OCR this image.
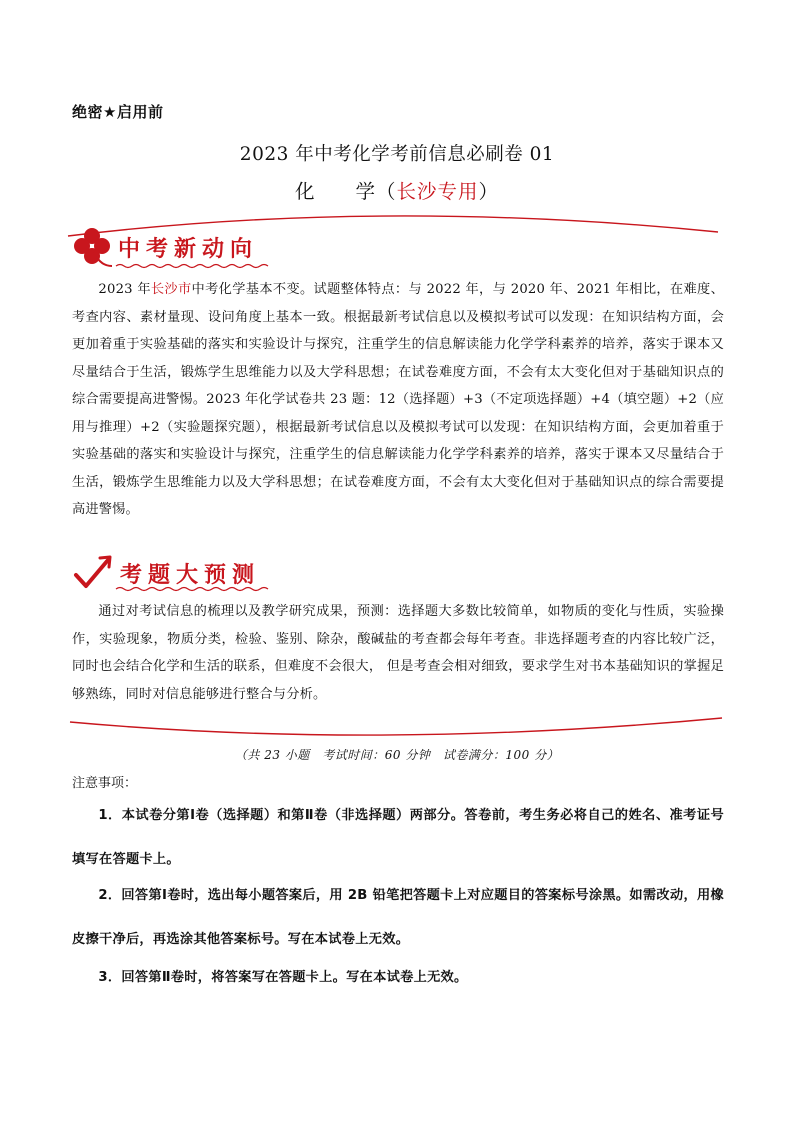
绝密★启用前
2023 年中考化学考前信息必刷卷 01
化 学（长沙专用）
中考新动向
2023 年长沙市中考化学基本不变。试题整体特点：与 2022 年，与 2020 年、2021 年相比，在难度、考查内容、素材量现、设问角度上基本一致。根据最新考试信息以及模拟考试可以发现：在知识结构方面，会更加着重于实验基础的落实和实验设计与探究，注重学生的信息解读能力化学学科素养的培养，落实于课本又尽量结合于生活，锻炼学生思维能力以及大学科思想；在试卷难度方面，不会有太大变化但对于基础知识点的综合需要提高进警惕。2023 年化学试卷共 23 题：12（选择题）+3（不定项选择题）+4（填空题）+2（应用与推理）+2（实验题探究题），根据最新考试信息以及模拟考试可以发现：在知识结构方面，会更加着重于实验基础的落实和实验设计与探究，注重学生的信息解读能力化学学科素养的培养，落实于课本又尽量结合于生活，锻炼学生思维能力以及大学科思想；在试卷难度方面，不会有太大变化但对于基础知识点的综合需要提高进警惕。
考题大预测
通过对考试信息的梳理以及教学研究成果，预测：选择题大多数比较简单，如物质的变化与性质，实验操作，实验现象，物质分类，检验、鉴别、除杂，酸碱盐的考查都会每年考查。非选择题考查的内容比较广泛，同时也会结合化学和生活的联系，但难度不会很大， 但是考查会相对细致，要求学生对书本基础知识的掌握足够熟练，同时对信息能够进行整合与分析。
（共 23 小题　考试时间：60 分钟　试卷满分：100 分）
注意事项：
1．本试卷分第Ⅰ卷（选择题）和第Ⅱ卷（非选择题）两部分。答卷前，考生务必将自己的姓名、准考证号填写在答题卡上。
2．回答第Ⅰ卷时，选出每小题答案后，用 2B 铅笔把答题卡上对应题目的答案标号涂黑。如需改动，用橡皮擦干净后，再选涂其他答案标号。写在本试卷上无效。
3．回答第Ⅱ卷时，将答案写在答题卡上。写在本试卷上无效。
